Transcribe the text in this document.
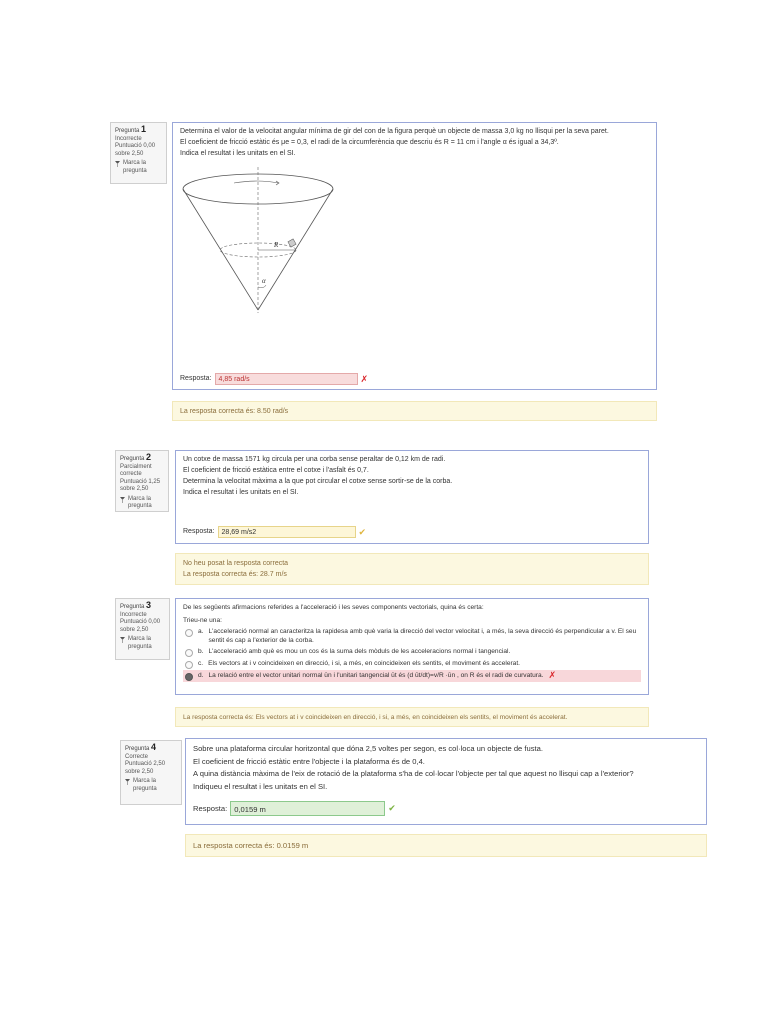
Pregunta 1
Incorrecte
Puntuació 0,00 sobre 2,50
Marca la pregunta

Determina el valor de la velocitat angular mínima de gir del con de la figura perquè un objecte de massa 3,0 kg no llisqui per la seva paret.

El coeficient de fricció estàtic és μe = 0,3, el radi de la circumferència que descriu és R = 11 cm i l'angle α és igual a 34,3º.

Indica el resultat i les unitats en el SI.

R
α
Resposta:	4,85 rad/s	✗
La resposta correcta és: 8.50 rad/s
Pregunta 2
Parcialment correcte
Puntuació 1,25 sobre 2,50
Marca la pregunta

Un cotxe de massa 1571 kg circula per una corba sense peraltar de 0,12 km de radi.

El coeficient de fricció estàtica entre el cotxe i l'asfalt és 0,7.

Determina la velocitat màxima a la que pot circular el cotxe sense sortir-se de la corba.

Indica el resultat i les unitats en el SI.

Resposta:	28,69 m/s2	✔
No heu posat la resposta correcta
La resposta correcta és: 28.7 m/s
Pregunta 3
Incorrecte
Puntuació 0,00 sobre 2,50
Marca la pregunta

De les següents afirmacions referides a l'acceleració i les seves components vectorials, quina és certa:

Trieu-ne una:

a. L'acceleració normal an caracteritza la rapidesa amb què varia la direcció del vector velocitat i, a més, la seva direcció és perpendicular a v. El seu sentit és cap a l'exterior de la corba.
b. L'acceleració amb què es mou un cos és la suma dels mòduls de les acceleracions normal i tangencial.
c. Els vectors at i v coincideixen en direcció, i si, a més, en coincideixen els sentits, el moviment és accelerat.
d. La relació entre el vector unitari normal ūn i l'unitari tangencial ūt és (d ūt/dt)=v/R ·ūn , on R és el radi de curvatura. ✗
La resposta correcta és: Els vectors at i v coincideixen en direcció, i si, a més, en coincideixen els sentits, el moviment és accelerat.
Pregunta 4
Correcte
Puntuació 2,50 sobre 2,50
Marca la pregunta

Sobre una plataforma circular horitzontal que dóna 2,5 voltes per segon, es col·loca un objecte de fusta.

El coeficient de fricció estàtic entre l'objecte i la plataforma és de 0,4.

A quina distància màxima de l'eix de rotació de la plataforma s'ha de col·locar l'objecte per tal que aquest no llisqui cap a l'exterior?

Indiqueu el resultat i les unitats en el SI.

Resposta: 0,0159 m	✔
La resposta correcta és: 0.0159 m
